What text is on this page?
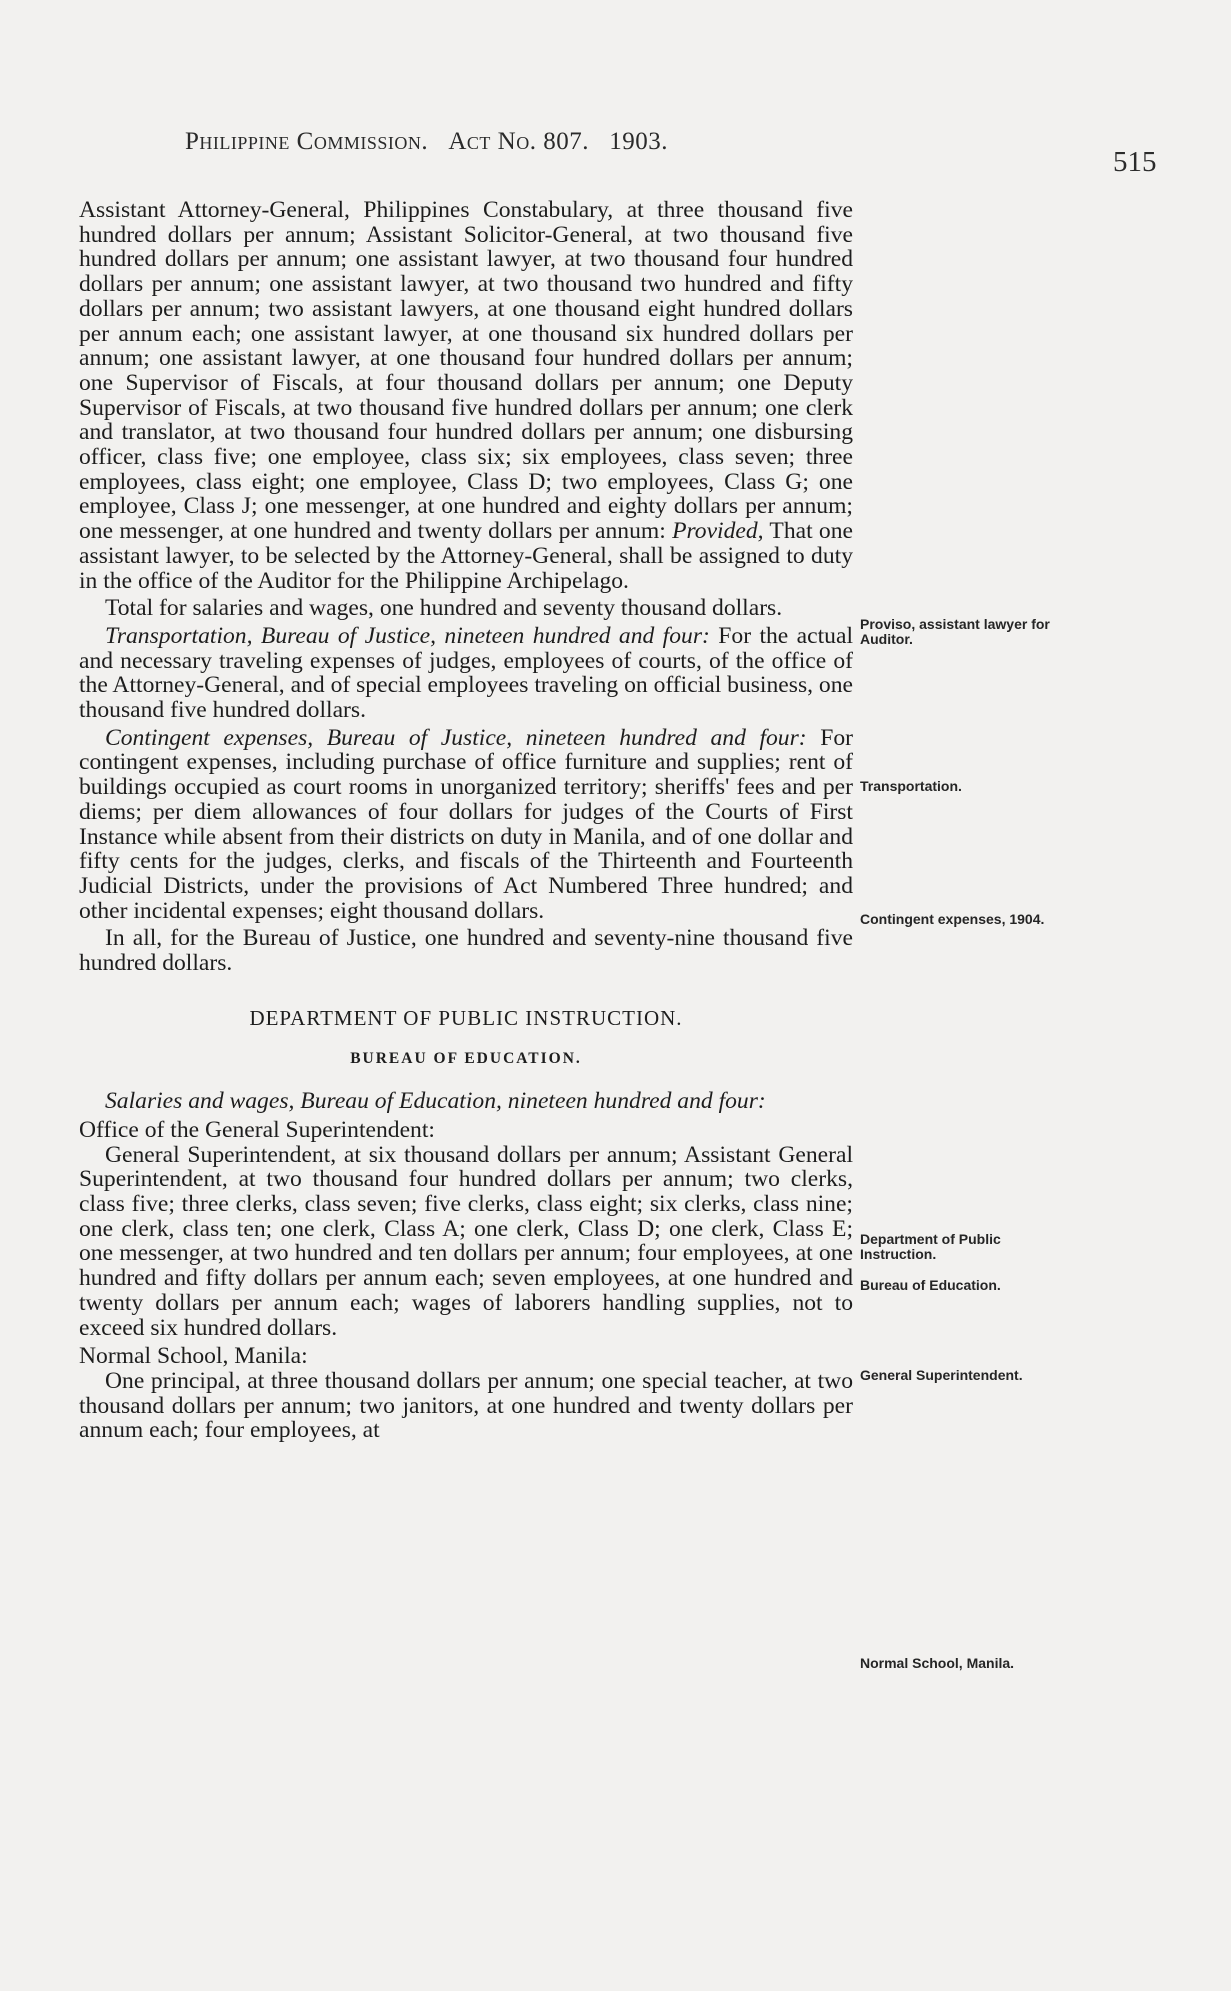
Philippine Commission. Act No. 807. 1903.
515

Assistant Attorney-General, Philippines Constabulary, at three thousand five hundred dollars per annum; Assistant Solicitor-General, at two thousand five hundred dollars per annum; one assistant lawyer, at two thousand four hundred dollars per annum; one assistant lawyer, at two thousand two hundred and fifty dollars per annum; two assistant lawyers, at one thousand eight hundred dollars per annum each; one assistant lawyer, at one thousand six hundred dollars per annum; one assistant lawyer, at one thousand four hundred dollars per annum; one Supervisor of Fiscals, at four thousand dollars per annum; one Deputy Supervisor of Fiscals, at two thousand five hundred dollars per annum; one clerk and translator, at two thousand four hundred dollars per annum; one disbursing officer, class five; one employee, class six; six employees, class seven; three employees, class eight; one employee, Class D; two employees, Class G; one employee, Class J; one messenger, at one hundred and eighty dollars per annum; one messenger, at one hundred and twenty dollars per annum: Provided, That one assistant lawyer, to be selected by the Attorney-General, shall be assigned to duty in the office of the Auditor for the Philippine Archipelago.

Total for salaries and wages, one hundred and seventy thousand dollars.

Transportation, Bureau of Justice, nineteen hundred and four: For the actual and necessary traveling expenses of judges, employees of courts, of the office of the Attorney-General, and of special employees traveling on official business, one thousand five hundred dollars.

Contingent expenses, Bureau of Justice, nineteen hundred and four: For contingent expenses, including purchase of office furniture and supplies; rent of buildings occupied as court rooms in unorganized territory; sheriffs' fees and per diems; per diem allowances of four dollars for judges of the Courts of First Instance while absent from their districts on duty in Manila, and of one dollar and fifty cents for the judges, clerks, and fiscals of the Thirteenth and Fourteenth Judicial Districts, under the provisions of Act Numbered Three hundred; and other incidental expenses; eight thousand dollars.

In all, for the Bureau of Justice, one hundred and seventy-nine thousand five hundred dollars.

DEPARTMENT OF PUBLIC INSTRUCTION.
BUREAU OF EDUCATION.

Salaries and wages, Bureau of Education, nineteen hundred and four:

Office of the General Superintendent:

General Superintendent, at six thousand dollars per annum; Assistant General Superintendent, at two thousand four hundred dollars per annum; two clerks, class five; three clerks, class seven; five clerks, class eight; six clerks, class nine; one clerk, class ten; one clerk, Class A; one clerk, Class D; one clerk, Class E; one messenger, at two hundred and ten dollars per annum; four employees, at one hundred and fifty dollars per annum each; seven employees, at one hundred and twenty dollars per annum each; wages of laborers handling supplies, not to exceed six hundred dollars.

Normal School, Manila:

One principal, at three thousand dollars per annum; one special teacher, at two thousand dollars per annum; two janitors, at one hundred and twenty dollars per annum each; four employees, at

Proviso, assistant lawyer for Auditor.
Transportation.
Contingent expenses, 1904.
Department of Public Instruction.
Bureau of Education.
General Superintendent.
Normal School, Manila.
